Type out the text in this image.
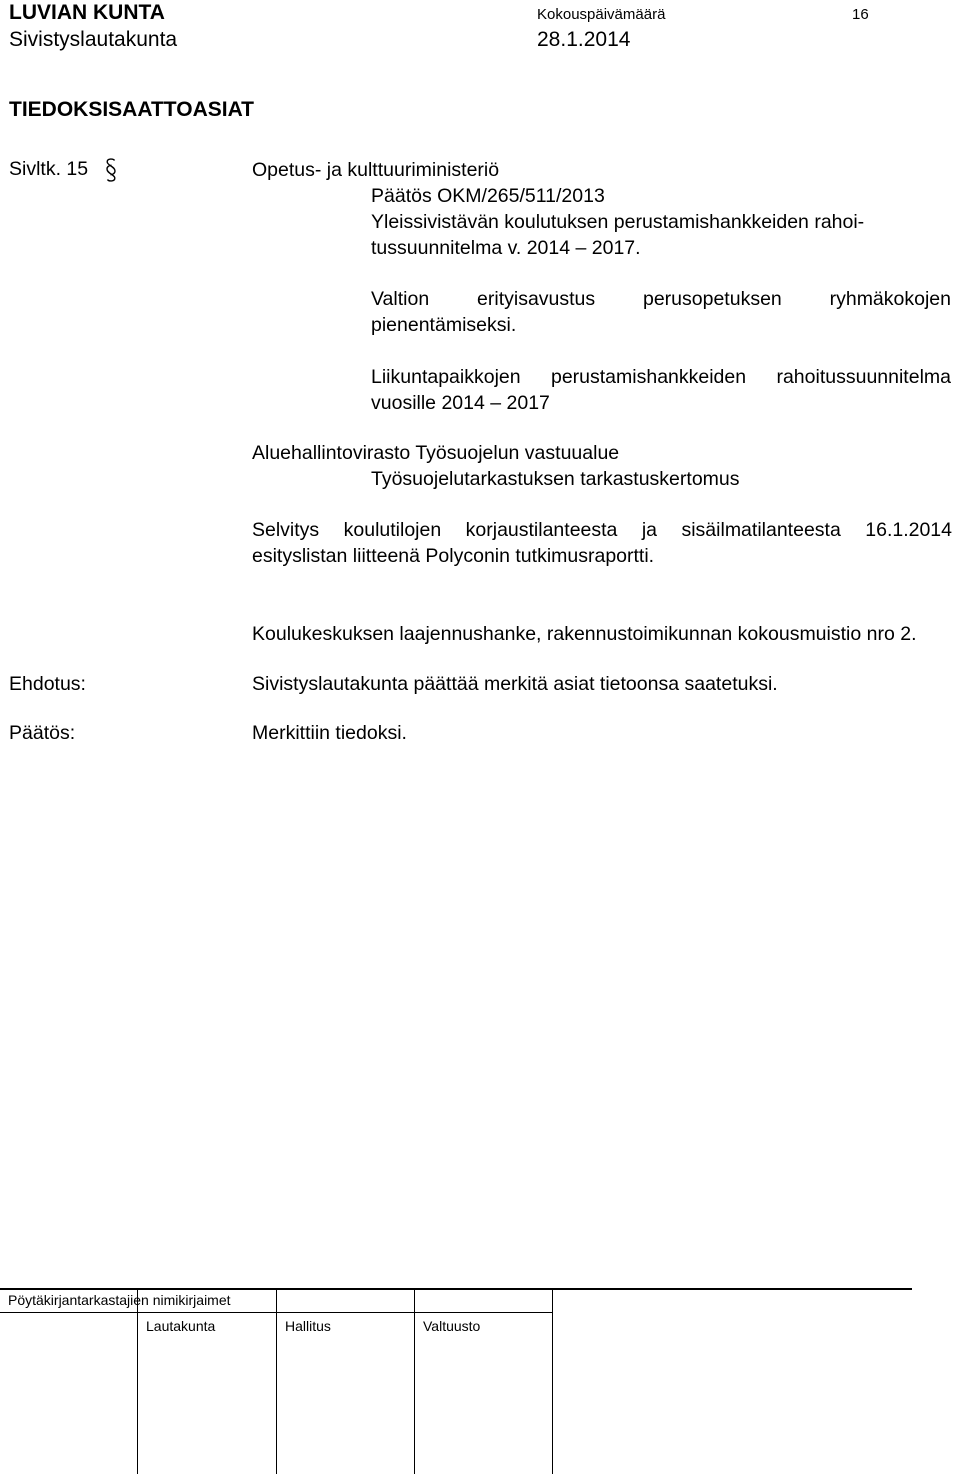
LUVIAN KUNTA
Sivistyslautakunta
Kokouspäivämäärä
28.1.2014
16
TIEDOKSISAATTOASIAT
Sivltk. 15	Opetus- ja kulttuuriministeriö
Päätös OKM/265/511/2013
Yleissivistävän koulutuksen perustamishankkeiden rahoi-
tussuunnitelma v. 2014 – 2017.
Valtion erityisavustus perusopetuksen ryhmäkokojen pienentämiseksi.
Liikuntapaikkojen perustamishankkeiden rahoitussuunnitelma vuosille 2014 – 2017
Aluehallintovirasto Työsuojelun vastuualue
Työsuojelutarkastuksen tarkastuskertomus
Selvitys koulutilojen korjaustilanteesta ja sisäilmatilanteesta 16.1.2014 esityslistan liitteenä Polyconin tutkimusraportti.
Koulukeskuksen laajennushanke, rakennustoimikunnan kokousmuistio nro 2.
Ehdotus:	Sivistyslautakunta päättää merkitä asiat tietoonsa saatetuksi.
Päätös:	Merkittiin tiedoksi.
Pöytäkirjantarkastajien nimikirjaimet
Lautakunta	Hallitus	Valtuusto
